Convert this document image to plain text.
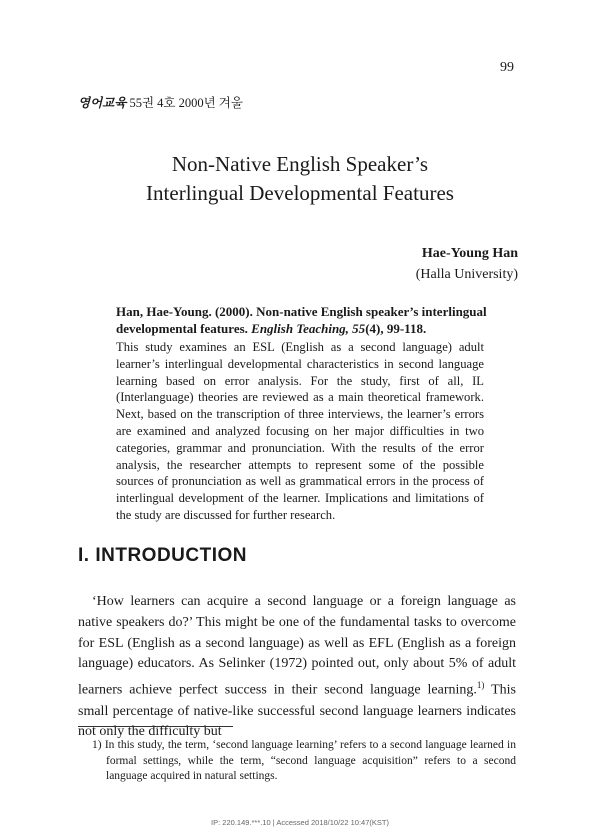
99
영어교육 55권 4호 2000년 겨울
Non-Native English Speaker’s
Interlingual Developmental Features
Hae-Young Han
(Halla University)
Han, Hae-Young. (2000). Non-native English speaker’s interlingual developmental features. English Teaching, 55(4), 99-118.
This study examines an ESL (English as a second language) adult learner’s interlingual developmental characteristics in second language learning based on error analysis. For the study, first of all, IL (Interlanguage) theories are reviewed as a main theoretical framework. Next, based on the transcription of three interviews, the learner’s errors are examined and analyzed focusing on her major difficulties in two categories, grammar and pronunciation. With the results of the error analysis, the researcher attempts to represent some of the possible sources of pronunciation as well as grammatical errors in the process of interlingual development of the learner. Implications and limitations of the study are discussed for further research.
I. INTRODUCTION
‘How learners can acquire a second language or a foreign language as native speakers do?’ This might be one of the fundamental tasks to overcome for ESL (English as a second language) as well as EFL (English as a foreign language) educators. As Selinker (1972) pointed out, only about 5% of adult learners achieve perfect success in their second language learning.$^{1)}$ This small percentage of native-like successful second language learners indicates not only the difficulty but
1) In this study, the term, ‘second language learning’ refers to a second language learned in formal settings, while the term, “second language acquisition” refers to a second language acquired in natural settings.
IP: 220.149.***.10 | Accessed 2018/10/22 10:47(KST)
